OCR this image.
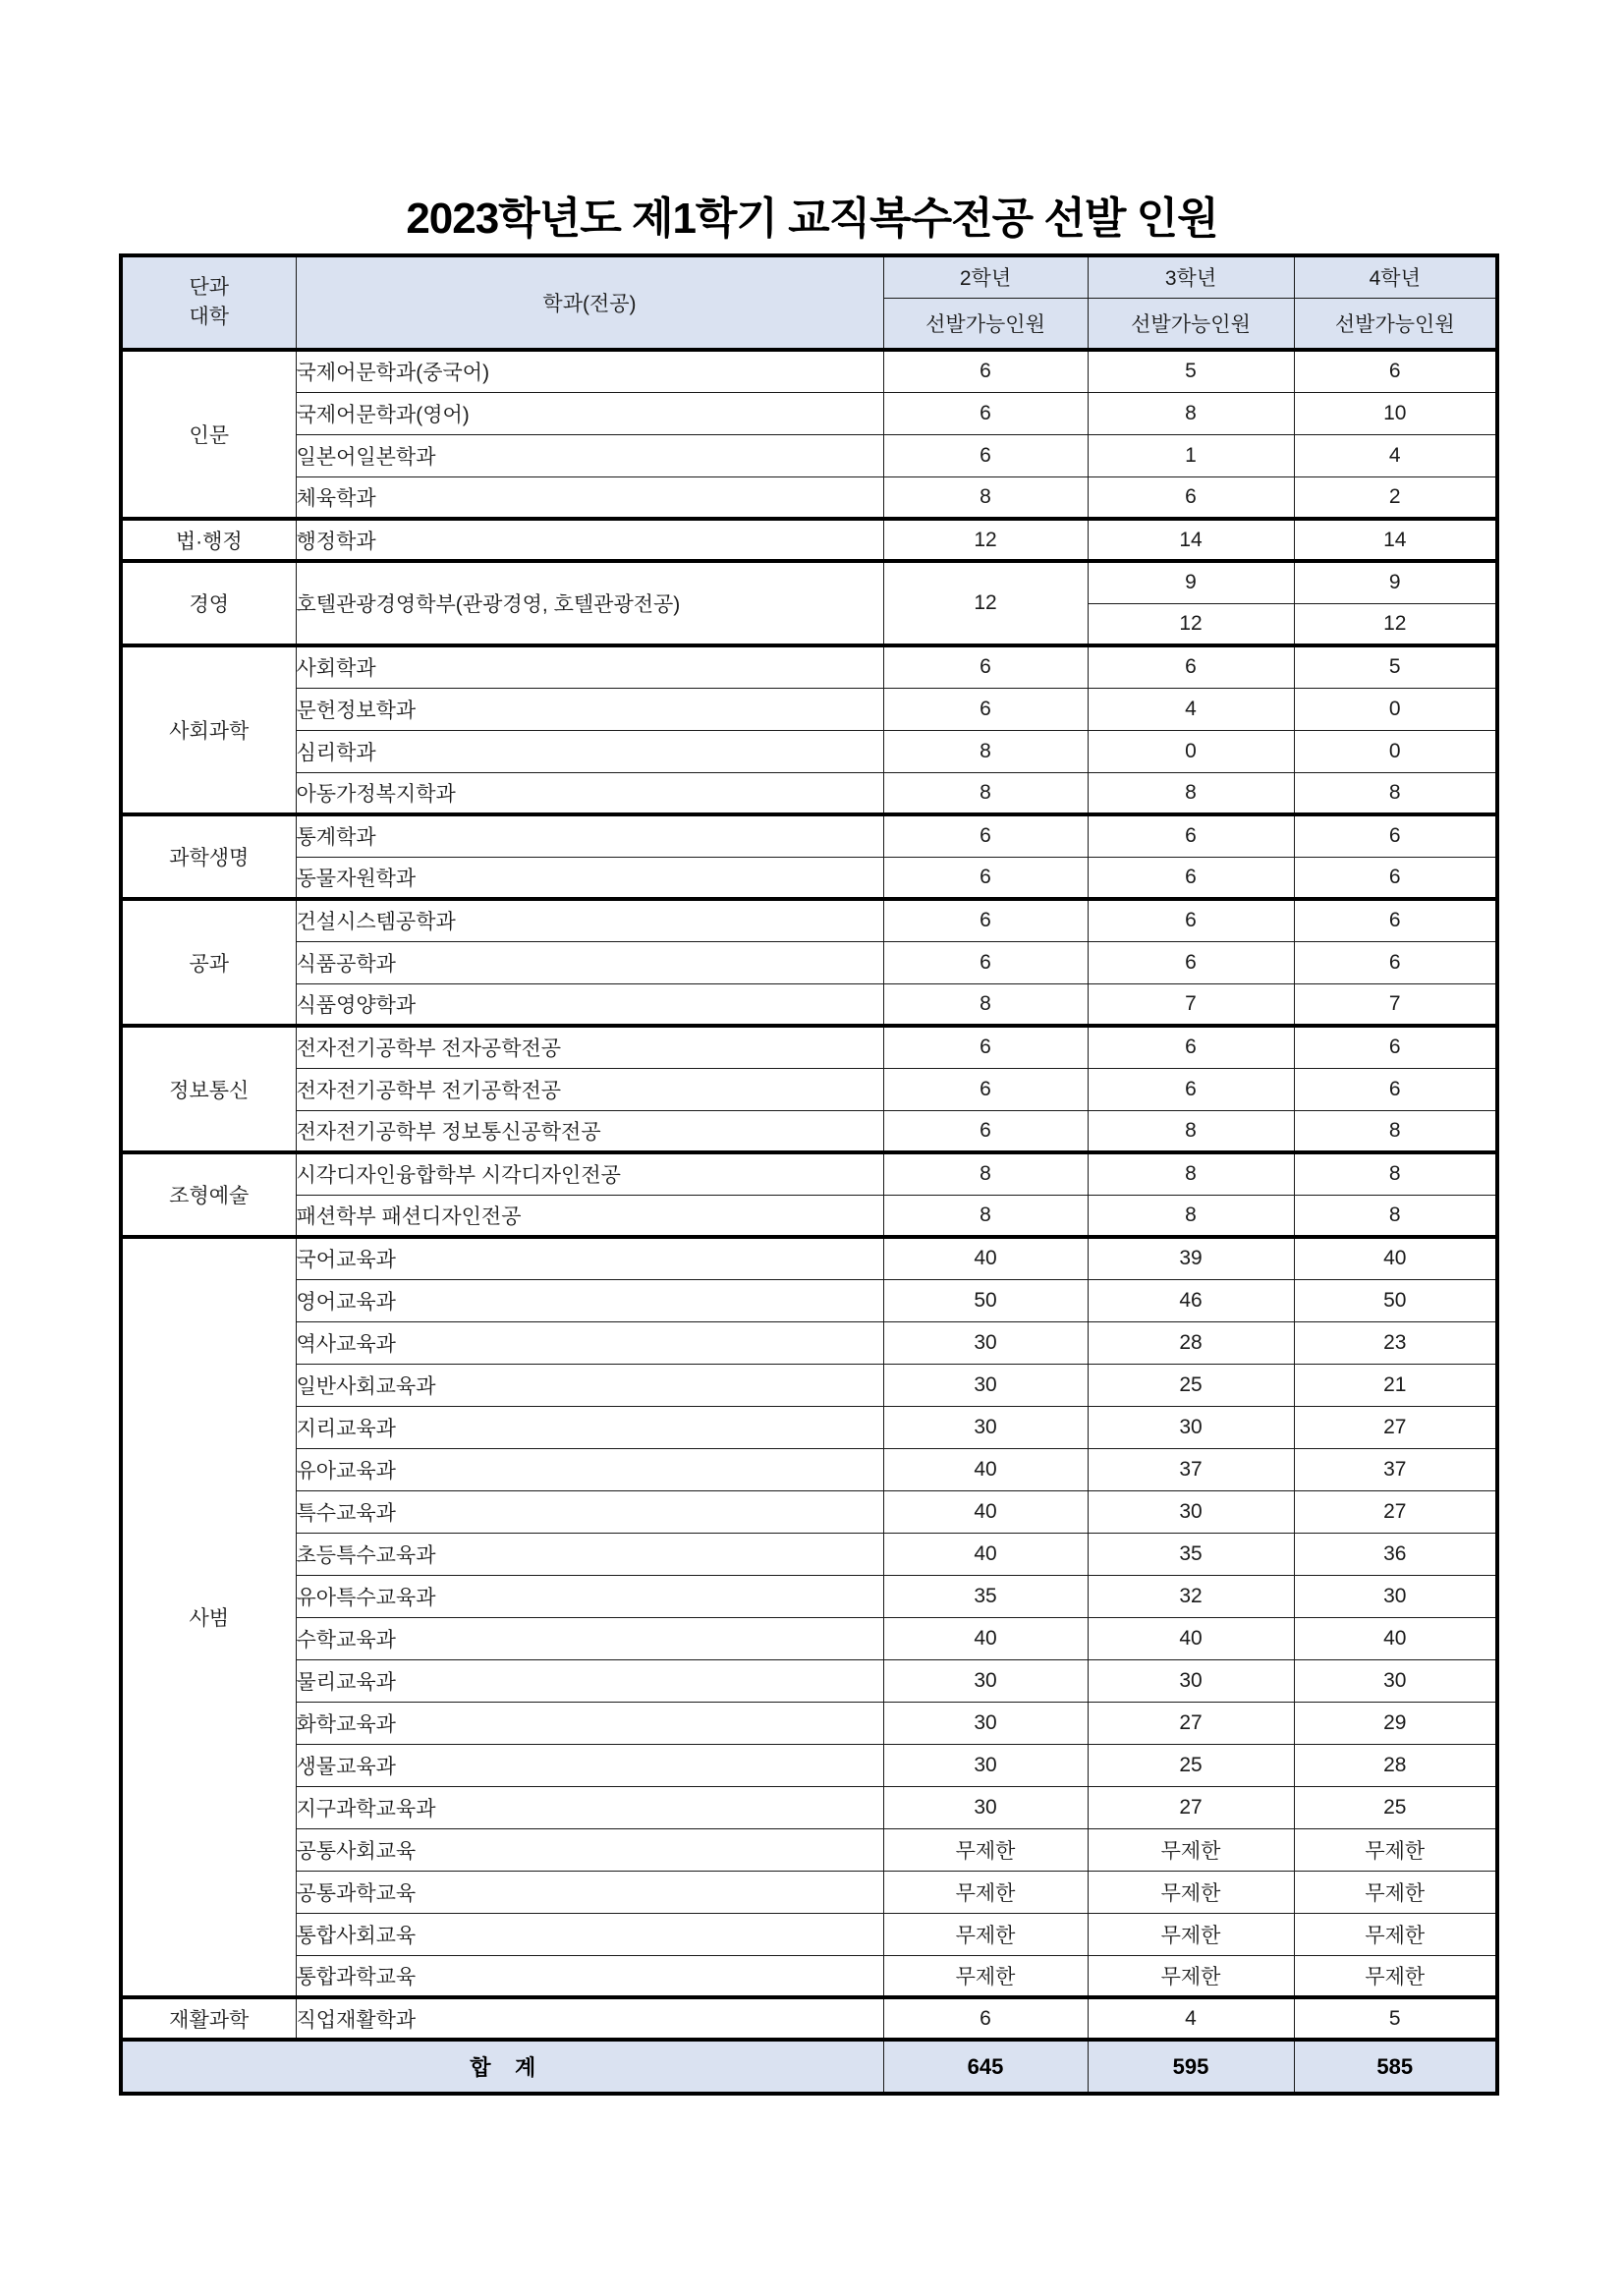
2023학년도 제1학기 교직복수전공 선발 인원
단과
대학	학과(전공)	2학년	3학년	4학년
		선발가능인원	선발가능인원	선발가능인원
인문	국제어문학과(중국어)	6	5	6
	국제어문학과(영어)	6	8	10
	일본어일본학과	6	1	4
	체육학과	8	6	2
법·행정	행정학과	12	14	14
경영	호텔관광경영학부(관광경영, 호텔관광전공)	12	9	9
			12	12
사회과학	사회학과	6	6	5
	문헌정보학과	6	4	0
	심리학과	8	0	0
	아동가정복지학과	8	8	8
과학생명	통계학과	6	6	6
	동물자원학과	6	6	6
공과	건설시스템공학과	6	6	6
	식품공학과	6	6	6
	식품영양학과	8	7	7
정보통신	전자전기공학부 전자공학전공	6	6	6
	전자전기공학부 전기공학전공	6	6	6
	전자전기공학부 정보통신공학전공	6	8	8
조형예술	시각디자인융합학부 시각디자인전공	8	8	8
	패션학부 패션디자인전공	8	8	8
사범	국어교육과	40	39	40
	영어교육과	50	46	50
	역사교육과	30	28	23
	일반사회교육과	30	25	21
	지리교육과	30	30	27
	유아교육과	40	37	37
	특수교육과	40	30	27
	초등특수교육과	40	35	36
	유아특수교육과	35	32	30
	수학교육과	40	40	40
	물리교육과	30	30	30
	화학교육과	30	27	29
	생물교육과	30	25	28
	지구과학교육과	30	27	25
	공통사회교육	무제한	무제한	무제한
	공통과학교육	무제한	무제한	무제한
	통합사회교육	무제한	무제한	무제한
	통합과학교육	무제한	무제한	무제한
재활과학	직업재활학과	6	4	5
합    계		645	595	585
